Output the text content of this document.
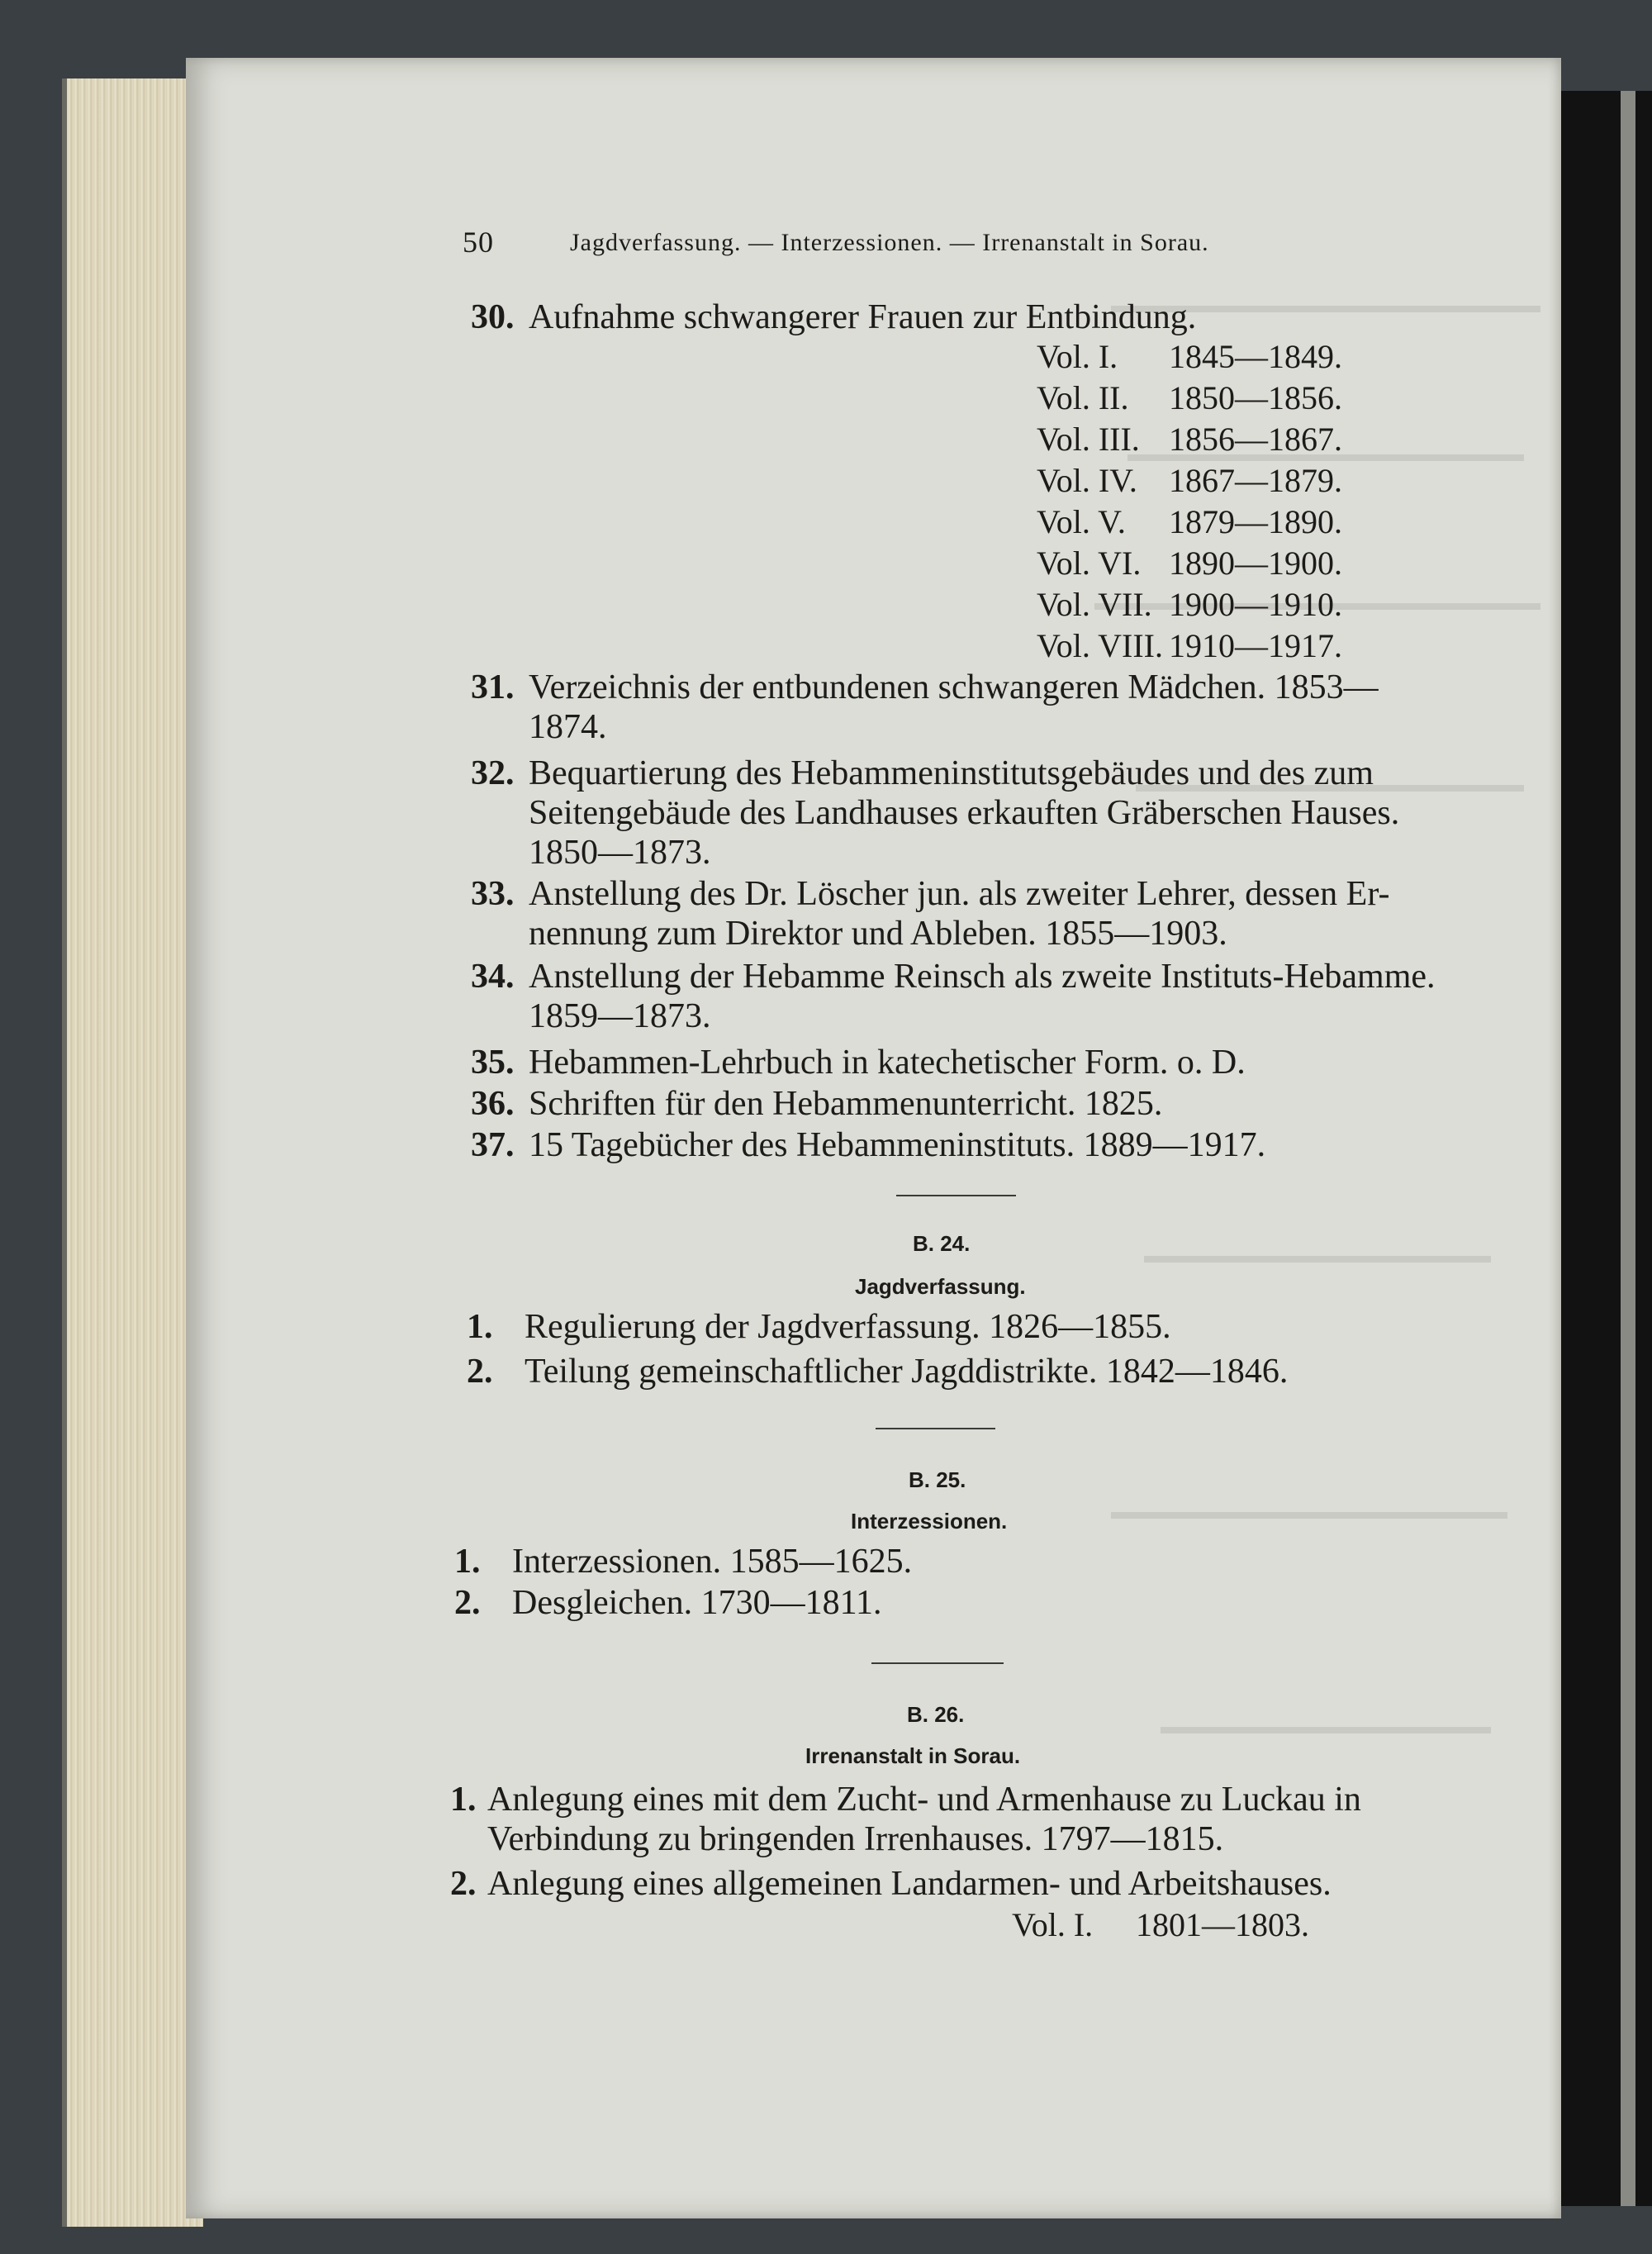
50	Jagdverfassung. — Interzessionen. — Irrenanstalt in Sorau.
30. Aufnahme schwangerer Frauen zur Entbindung.
Vol. I. 1845—1849.
Vol. II. 1850—1856.
Vol. III. 1856—1867.
Vol. IV. 1867—1879.
Vol. V. 1879—1890.
Vol. VI. 1890—1900.
Vol. VII. 1900—1910.
Vol. VIII. 1910—1917.
31. Verzeichnis der entbundenen schwangeren Mädchen. 1853—
1874.
32. Bequartierung des Hebammeninstitutsgebäudes und des zum
Seitengebäude des Landhauses erkauften Gräberschen Hauses.
1850—1873.
33. Anstellung des Dr. Löscher jun. als zweiter Lehrer, dessen Er-
nennung zum Direktor und Ableben. 1855—1903.
34. Anstellung der Hebamme Reinsch als zweite Instituts-Hebamme.
1859—1873.
35. Hebammen-Lehrbuch in katechetischer Form. o. D.
36. Schriften für den Hebammenunterricht. 1825.
37. 15 Tagebücher des Hebammeninstituts. 1889—1917.
B. 24.
Jagdverfassung.
1. Regulierung der Jagdverfassung. 1826—1855.
2. Teilung gemeinschaftlicher Jagddistrikte. 1842—1846.
B. 25.
Interzessionen.
1. Interzessionen. 1585—1625.
2. Desgleichen. 1730—1811.
B. 26.
Irrenanstalt in Sorau.
1. Anlegung eines mit dem Zucht- und Armenhause zu Luckau in
Verbindung zu bringenden Irrenhauses. 1797—1815.
2. Anlegung eines allgemeinen Landarmen- und Arbeitshauses.
Vol. I. 1801—1803.
